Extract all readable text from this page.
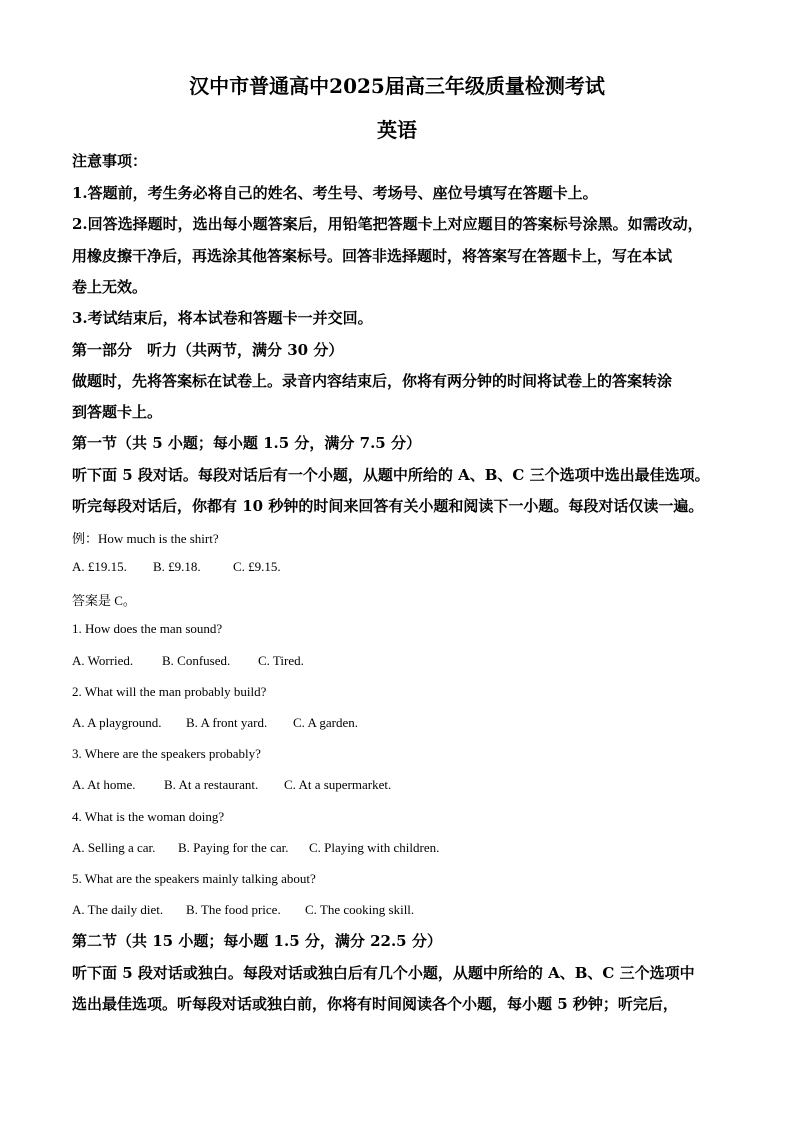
汉中市普通高中2025届高三年级质量检测考试
英语
注意事项：
1.答题前，考生务必将自己的姓名、考生号、考场号、座位号填写在答题卡上。
2.回答选择题时，选出每小题答案后，用铅笔把答题卡上对应题目的答案标号涂黑。如需改动，
用橡皮擦干净后，再选涂其他答案标号。回答非选择题时，将答案写在答题卡上，写在本试
卷上无效。
3.考试结束后，将本试卷和答题卡一并交回。
第一部分　听力（共两节，满分 30 分）
做题时，先将答案标在试卷上。录音内容结束后，你将有两分钟的时间将试卷上的答案转涂
到答题卡上。
第一节（共 5 小题；每小题 1.5 分，满分 7.5 分）
听下面 5 段对话。每段对话后有一个小题，从题中所给的 A、B、C 三个选项中选出最佳选项。
听完每段对话后，你都有 10 秒钟的时间来回答有关小题和阅读下一小题。每段对话仅读一遍。
例：How much is the shirt?
A. £19.15. B. £9.18. C. £9.15.
答案是 C。
1. How does the man sound?
A. Worried. B. Confused. C. Tired.
2. What will the man probably build?
A. A playground. B. A front yard. C. A garden.
3. Where are the speakers probably?
A. At home. B. At a restaurant. C. At a supermarket.
4. What is the woman doing?
A. Selling a car. B. Paying for the car. C. Playing with children.
5. What are the speakers mainly talking about?
A. The daily diet. B. The food price. C. The cooking skill.
第二节（共 15 小题；每小题 1.5 分，满分 22.5 分）
听下面 5 段对话或独白。每段对话或独白后有几个小题，从题中所给的 A、B、C 三个选项中
选出最佳选项。听每段对话或独白前，你将有时间阅读各个小题，每小题 5 秒钟；听完后，
